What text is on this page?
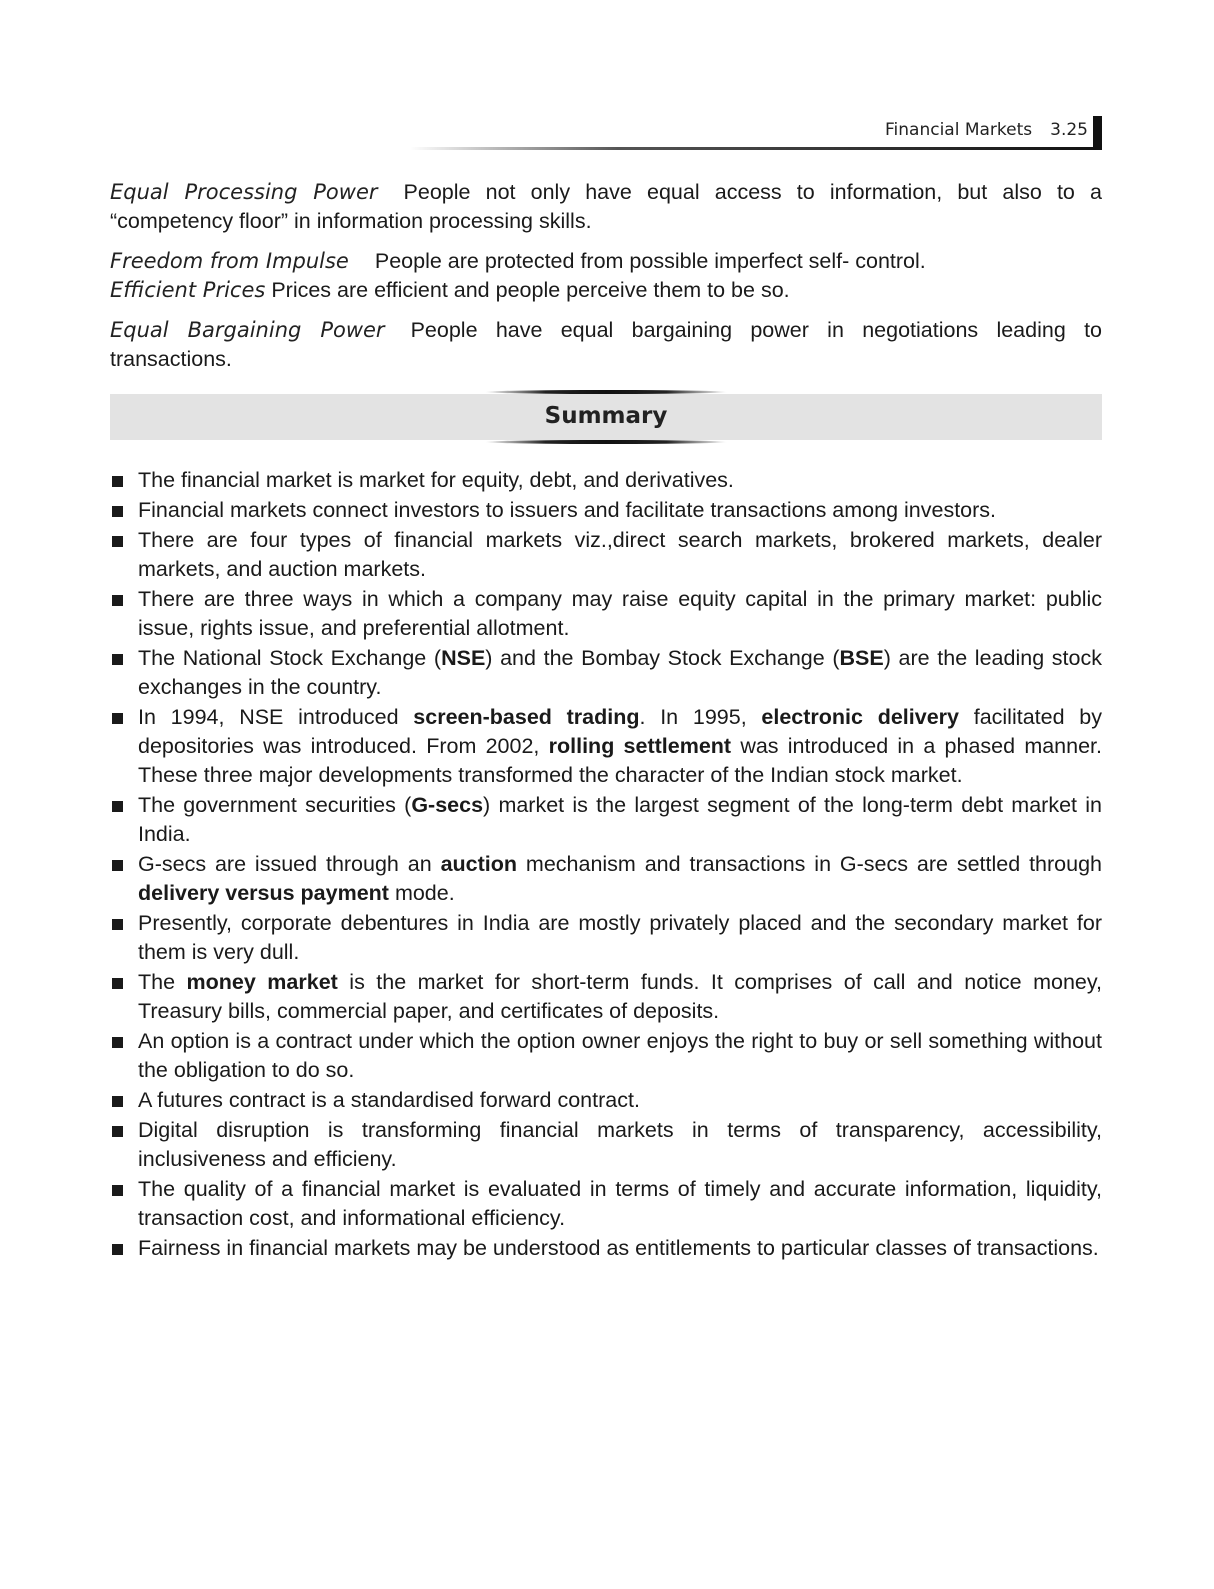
Financial Markets 3.25

Equal Processing Power People not only have equal access to information, but also to a “competency floor” in information processing skills.

Freedom from Impulse People are protected from possible imperfect self- control.

Efficient Prices Prices are efficient and people perceive them to be so.

Equal Bargaining Power People have equal bargaining power in negotiations leading to transactions.

Summary
The financial market is market for equity, debt, and derivatives.
Financial markets connect investors to issuers and facilitate transactions among investors.
There are four types of financial markets viz.,direct search markets, brokered markets, dealer markets, and auction markets.
There are three ways in which a company may raise equity capital in the primary market: public issue, rights issue, and preferential allotment.
The National Stock Exchange (NSE) and the Bombay Stock Exchange (BSE) are the leading stock exchanges in the country.
In 1994, NSE introduced screen-based trading. In 1995, electronic delivery facilitated by depositories was introduced. From 2002, rolling settlement was introduced in a phased manner. These three major developments transformed the character of the Indian stock market.
The government securities (G-secs) market is the largest segment of the long-term debt market in India.
G-secs are issued through an auction mechanism and transactions in G-secs are settled through delivery versus payment mode.
Presently, corporate debentures in India are mostly privately placed and the secondary market for them is very dull.
The money market is the market for short-term funds. It comprises of call and notice money, Treasury bills, commercial paper, and certificates of deposits.
An option is a contract under which the option owner enjoys the right to buy or sell something without the obligation to do so.
A futures contract is a standardised forward contract.
Digital disruption is transforming financial markets in terms of transparency, accessibility, inclusiveness and efficieny.
The quality of a financial market is evaluated in terms of timely and accurate information, liquidity, transaction cost, and informational efficiency.
Fairness in financial markets may be understood as entitlements to particular classes of transactions.
